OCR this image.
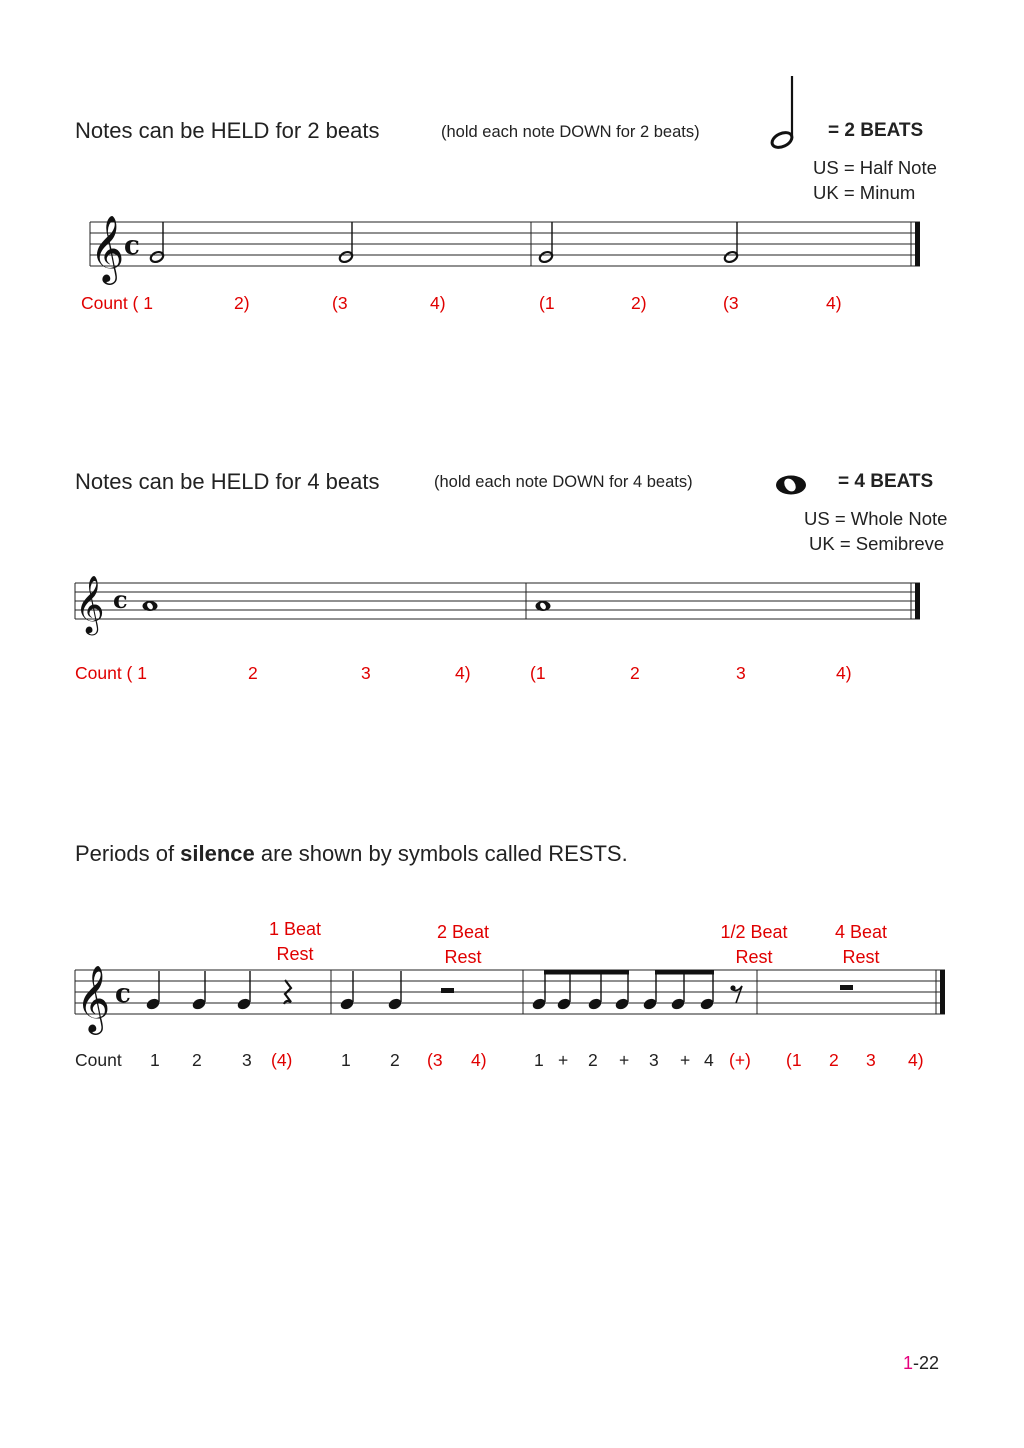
Notes can be HELD for 2 beats	(hold each note DOWN for 2 beats)	= 2 BEATS
US = Half Note
UK = Minum
𝄞 c
Count ( 1	2)	(3	4)	(1	2)	(3	4)
Notes can be HELD for 4 beats	(hold each note DOWN for 4 beats)	= 4 BEATS
US = Whole Note
UK = Semibreve
𝄞 c
Count ( 1	2	3	4)	(1	2	3	4)
Periods of silence are shown by symbols called RESTS.
1 Beat
Rest
2 Beat
Rest
1/2 Beat
Rest
4 Beat
Rest
𝄞 c
Count 1 2 3 (4)	1 2 (3 4)	1 + 2 + 3 + 4 (+) (1 2 3 4)
1-22
